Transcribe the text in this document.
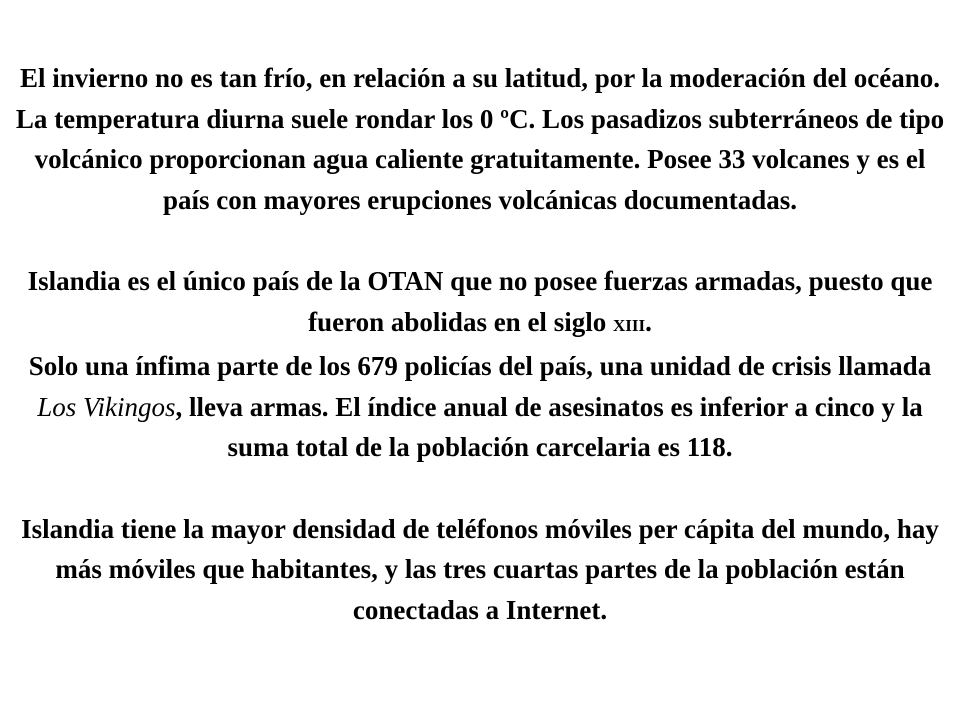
El invierno no es tan frío, en relación a su latitud, por la moderación del océano. La temperatura diurna suele rondar los 0 ºC. Los pasadizos subterráneos de tipo volcánico proporcionan agua caliente gratuitamente. Posee 33 volcanes y es el país con mayores erupciones volcánicas documentadas.

Islandia es el único país de la OTAN que no posee fuerzas armadas, puesto que fueron abolidas en el siglo XIII.

Solo una ínfima parte de los 679 policías del país, una unidad de crisis llamada Los Vikingos, lleva armas. El índice anual de asesinatos es inferior a cinco y la suma total de la población carcelaria es 118.

Islandia tiene la mayor densidad de teléfonos móviles per cápita del mundo, hay más móviles que habitantes, y las tres cuartas partes de la población están conectadas a Internet.
